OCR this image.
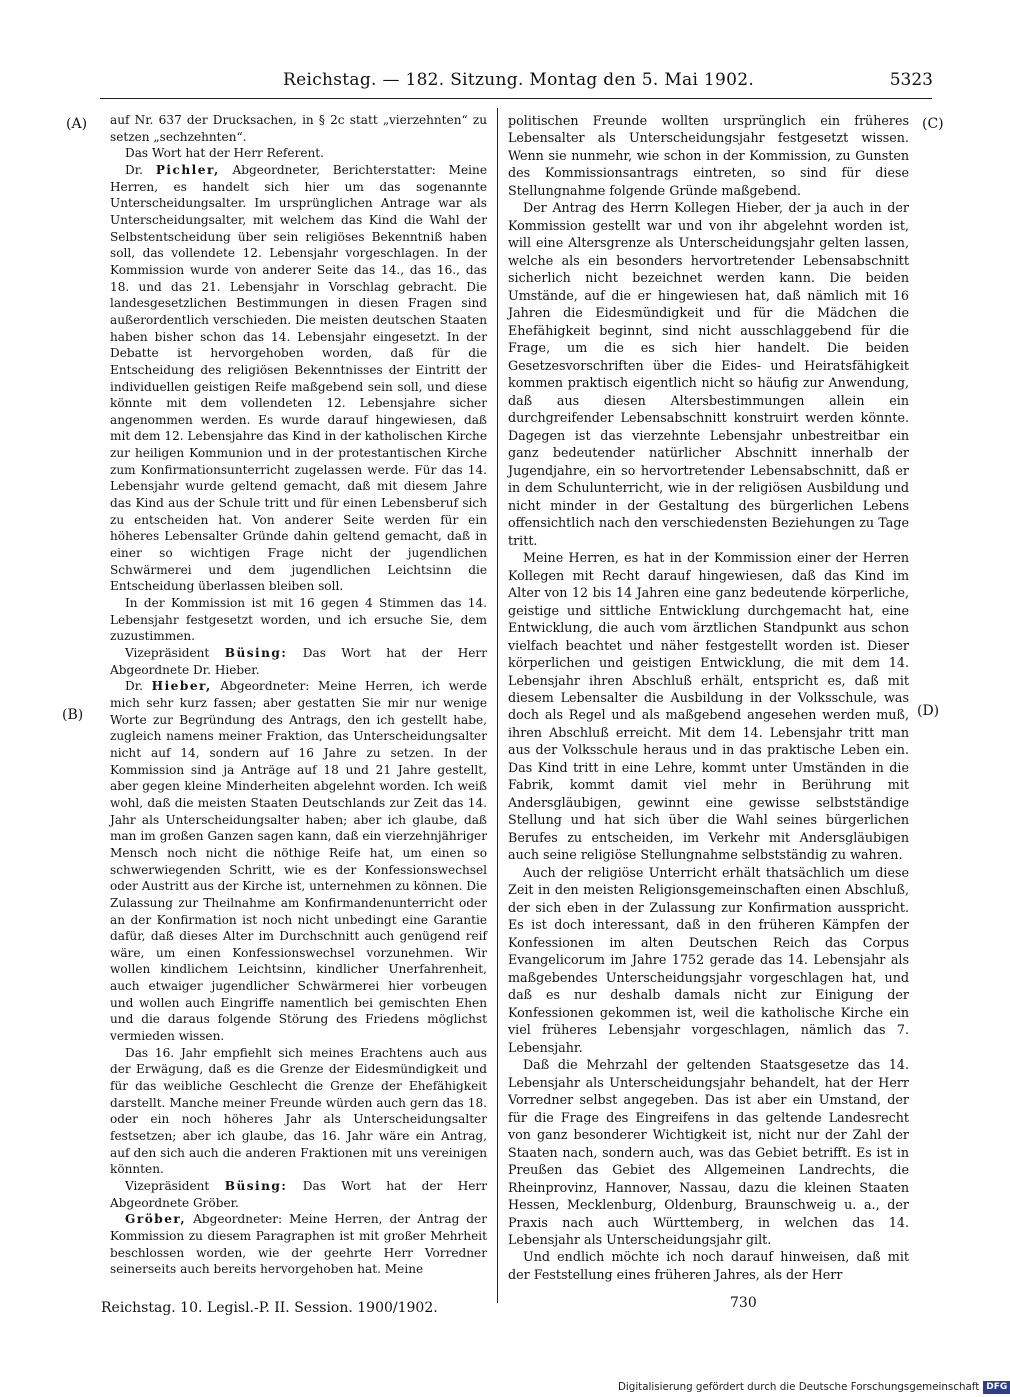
Reichstag. — 182. Sitzung. Montag den 5. Mai 1902.	5323
(A)
(B)
(C)
(D)

auf Nr. 637 der Drucksachen, in § 2c statt „vierzehnten“ zu setzen „sechzehnten“.

Das Wort hat der Herr Referent.

Dr. Pichler, Abgeordneter, Berichterstatter: Meine Herren, es handelt sich hier um das sogenannte Unterscheidungsalter. Im ursprünglichen Antrage war als Unterscheidungsalter, mit welchem das Kind die Wahl der Selbstentscheidung über sein religiöses Bekenntniß haben soll, das vollendete 12. Lebensjahr vorgeschlagen. In der Kommission wurde von anderer Seite das 14., das 16., das 18. und das 21. Lebensjahr in Vorschlag gebracht. Die landesgesetzlichen Bestimmungen in diesen Fragen sind außerordentlich verschieden. Die meisten deutschen Staaten haben bisher schon das 14. Lebensjahr eingesetzt. In der Debatte ist hervorgehoben worden, daß für die Entscheidung des religiösen Bekenntnisses der Eintritt der individuellen geistigen Reife maßgebend sein soll, und diese könnte mit dem vollendeten 12. Lebensjahre sicher angenommen werden. Es wurde darauf hingewiesen, daß mit dem 12. Lebensjahre das Kind in der katholischen Kirche zur heiligen Kommunion und in der protestantischen Kirche zum Konfirmationsunterricht zugelassen werde. Für das 14. Lebensjahr wurde geltend gemacht, daß mit diesem Jahre das Kind aus der Schule tritt und für einen Lebensberuf sich zu entscheiden hat. Von anderer Seite werden für ein höheres Lebensalter Gründe dahin geltend gemacht, daß in einer so wichtigen Frage nicht der jugendlichen Schwärmerei und dem jugendlichen Leichtsinn die Entscheidung überlassen bleiben soll.

In der Kommission ist mit 16 gegen 4 Stimmen das 14. Lebensjahr festgesetzt worden, und ich ersuche Sie, dem zuzustimmen.

Vizepräsident Büsing: Das Wort hat der Herr Abgeordnete Dr. Hieber.

Dr. Hieber, Abgeordneter: Meine Herren, ich werde mich sehr kurz fassen; aber gestatten Sie mir nur wenige Worte zur Begründung des Antrags, den ich gestellt habe, zugleich namens meiner Fraktion, das Unterscheidungsalter nicht auf 14, sondern auf 16 Jahre zu setzen. In der Kommission sind ja Anträge auf 18 und 21 Jahre gestellt, aber gegen kleine Minderheiten abgelehnt worden. Ich weiß wohl, daß die meisten Staaten Deutschlands zur Zeit das 14. Jahr als Unterscheidungsalter haben; aber ich glaube, daß man im großen Ganzen sagen kann, daß ein vierzehnjähriger Mensch noch nicht die nöthige Reife hat, um einen so schwerwiegenden Schritt, wie es der Konfessionswechsel oder Austritt aus der Kirche ist, unternehmen zu können. Die Zulassung zur Theilnahme am Konfirmandenunterricht oder an der Konfirmation ist noch nicht unbedingt eine Garantie dafür, daß dieses Alter im Durchschnitt auch genügend reif wäre, um einen Konfessionswechsel vorzunehmen. Wir wollen kindlichem Leichtsinn, kindlicher Unerfahrenheit, auch etwaiger jugendlicher Schwärmerei hier vorbeugen und wollen auch Eingriffe namentlich bei gemischten Ehen und die daraus folgende Störung des Friedens möglichst vermieden wissen.

Das 16. Jahr empfiehlt sich meines Erachtens auch aus der Erwägung, daß es die Grenze der Eidesmündigkeit und für das weibliche Geschlecht die Grenze der Ehefähigkeit darstellt. Manche meiner Freunde würden auch gern das 18. oder ein noch höheres Jahr als Unterscheidungsalter festsetzen; aber ich glaube, das 16. Jahr wäre ein Antrag, auf den sich auch die anderen Fraktionen mit uns vereinigen könnten.

Vizepräsident Büsing: Das Wort hat der Herr Abgeordnete Gröber.

Gröber, Abgeordneter: Meine Herren, der Antrag der Kommission zu diesem Paragraphen ist mit großer Mehrheit beschlossen worden, wie der geehrte Herr Vorredner seinerseits auch bereits hervorgehoben hat. Meine

politischen Freunde wollten ursprünglich ein früheres Lebensalter als Unterscheidungsjahr festgesetzt wissen. Wenn sie nunmehr, wie schon in der Kommission, zu Gunsten des Kommissionsantrags eintreten, so sind für diese Stellungnahme folgende Gründe maßgebend.

Der Antrag des Herrn Kollegen Hieber, der ja auch in der Kommission gestellt war und von ihr abgelehnt worden ist, will eine Altersgrenze als Unterscheidungsjahr gelten lassen, welche als ein besonders hervortretender Lebensabschnitt sicherlich nicht bezeichnet werden kann. Die beiden Umstände, auf die er hingewiesen hat, daß nämlich mit 16 Jahren die Eidesmündigkeit und für die Mädchen die Ehefähigkeit beginnt, sind nicht ausschlaggebend für die Frage, um die es sich hier handelt. Die beiden Gesetzesvorschriften über die Eides- und Heiratsfähigkeit kommen praktisch eigentlich nicht so häufig zur Anwendung, daß aus diesen Altersbestimmungen allein ein durchgreifender Lebensabschnitt konstruirt werden könnte. Dagegen ist das vierzehnte Lebensjahr unbestreitbar ein ganz bedeutender natürlicher Abschnitt innerhalb der Jugendjahre, ein so hervortretender Lebensabschnitt, daß er in dem Schulunterricht, wie in der religiösen Ausbildung und nicht minder in der Gestaltung des bürgerlichen Lebens offensichtlich nach den verschiedensten Beziehungen zu Tage tritt.

Meine Herren, es hat in der Kommission einer der Herren Kollegen mit Recht darauf hingewiesen, daß das Kind im Alter von 12 bis 14 Jahren eine ganz bedeutende körperliche, geistige und sittliche Entwicklung durchgemacht hat, eine Entwicklung, die auch vom ärztlichen Standpunkt aus schon vielfach beachtet und näher festgestellt worden ist. Dieser körperlichen und geistigen Entwicklung, die mit dem 14. Lebensjahr ihren Abschluß erhält, entspricht es, daß mit diesem Lebensalter die Ausbildung in der Volksschule, was doch als Regel und als maßgebend angesehen werden muß, ihren Abschluß erreicht. Mit dem 14. Lebensjahr tritt man aus der Volksschule heraus und in das praktische Leben ein. Das Kind tritt in eine Lehre, kommt unter Umständen in die Fabrik, kommt damit viel mehr in Berührung mit Andersgläubigen, gewinnt eine gewisse selbstständige Stellung und hat sich über die Wahl seines bürgerlichen Berufes zu entscheiden, im Verkehr mit Andersgläubigen auch seine religiöse Stellungnahme selbstständig zu wahren.

Auch der religiöse Unterricht erhält thatsächlich um diese Zeit in den meisten Religionsgemeinschaften einen Abschluß, der sich eben in der Zulassung zur Konfirmation ausspricht. Es ist doch interessant, daß in den früheren Kämpfen der Konfessionen im alten Deutschen Reich das Corpus Evangelicorum im Jahre 1752 gerade das 14. Lebensjahr als maßgebendes Unterscheidungsjahr vorgeschlagen hat, und daß es nur deshalb damals nicht zur Einigung der Konfessionen gekommen ist, weil die katholische Kirche ein viel früheres Lebensjahr vorgeschlagen, nämlich das 7. Lebensjahr.

Daß die Mehrzahl der geltenden Staatsgesetze das 14. Lebensjahr als Unterscheidungsjahr behandelt, hat der Herr Vorredner selbst angegeben. Das ist aber ein Umstand, der für die Frage des Eingreifens in das geltende Landesrecht von ganz besonderer Wichtigkeit ist, nicht nur der Zahl der Staaten nach, sondern auch, was das Gebiet betrifft. Es ist in Preußen das Gebiet des Allgemeinen Landrechts, die Rheinprovinz, Hannover, Nassau, dazu die kleinen Staaten Hessen, Mecklenburg, Oldenburg, Braunschweig u. a., der Praxis nach auch Württemberg, in welchen das 14. Lebensjahr als Unterscheidungsjahr gilt.

Und endlich möchte ich noch darauf hinweisen, daß mit der Feststellung eines früheren Jahres, als der Herr

Reichstag. 10. Legisl.-P. II. Session. 1900/1902.	730
Digitalisierung gefördert durch die Deutsche Forschungsgemeinschaft DFG
